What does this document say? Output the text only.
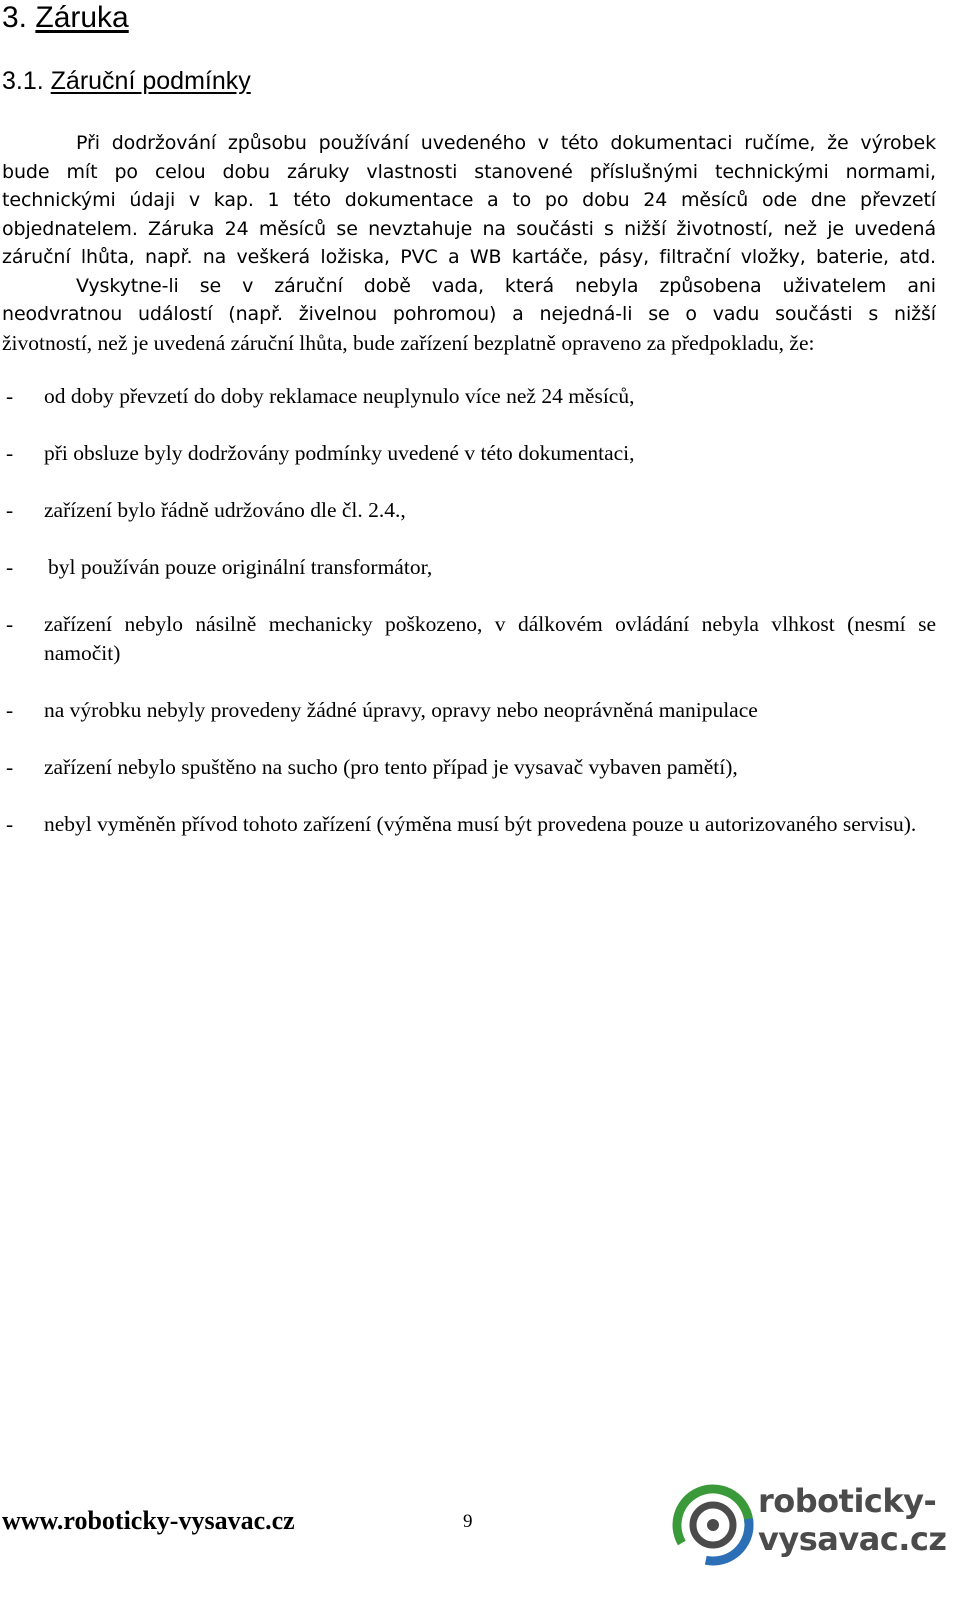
3. Záruka
3.1. Záruční podmínky
Při dodržování způsobu používání uvedeného v této dokumentaci ručíme, že výrobek
bude mít po celou dobu záruky vlastnosti stanovené příslušnými technickými normami,
technickými údaji v kap. 1 této dokumentace a to po dobu 24 měsíců ode dne převzetí
objednatelem. Záruka 24 měsíců se nevztahuje na součásti s nižší životností, než je uvedená
záruční lhůta, např. na veškerá ložiska, PVC a WB kartáče, pásy, filtrační vložky, baterie, atd.
Vyskytne-li se v záruční době vada, která nebyla způsobena uživatelem ani
neodvratnou událostí (např. živelnou pohromou) a nejedná-li se o vadu součásti s nižší
životností, než je uvedená záruční lhůta, bude zařízení bezplatně opraveno za předpokladu, že:
- od doby převzetí do doby reklamace neuplynulo více než 24 měsíců,
- při obsluze byly dodržovány podmínky uvedené v této dokumentaci,
- zařízení bylo řádně udržováno dle čl. 2.4.,
- byl používán pouze originální transformátor,
- zařízení nebylo násilně mechanicky poškozeno, v dálkovém ovládání nebyla vlhkost (nesmí se namočit)
- na výrobku nebyly provedeny žádné úpravy, opravy nebo neoprávněná manipulace
- zařízení nebylo spuštěno na sucho (pro tento případ je vysavač vybaven pamětí),
- nebyl vyměněn přívod tohoto zařízení (výměna musí být provedena pouze u autorizovaného servisu).
www.roboticky-vysavac.cz	9
roboticky-
vysavac.cz
